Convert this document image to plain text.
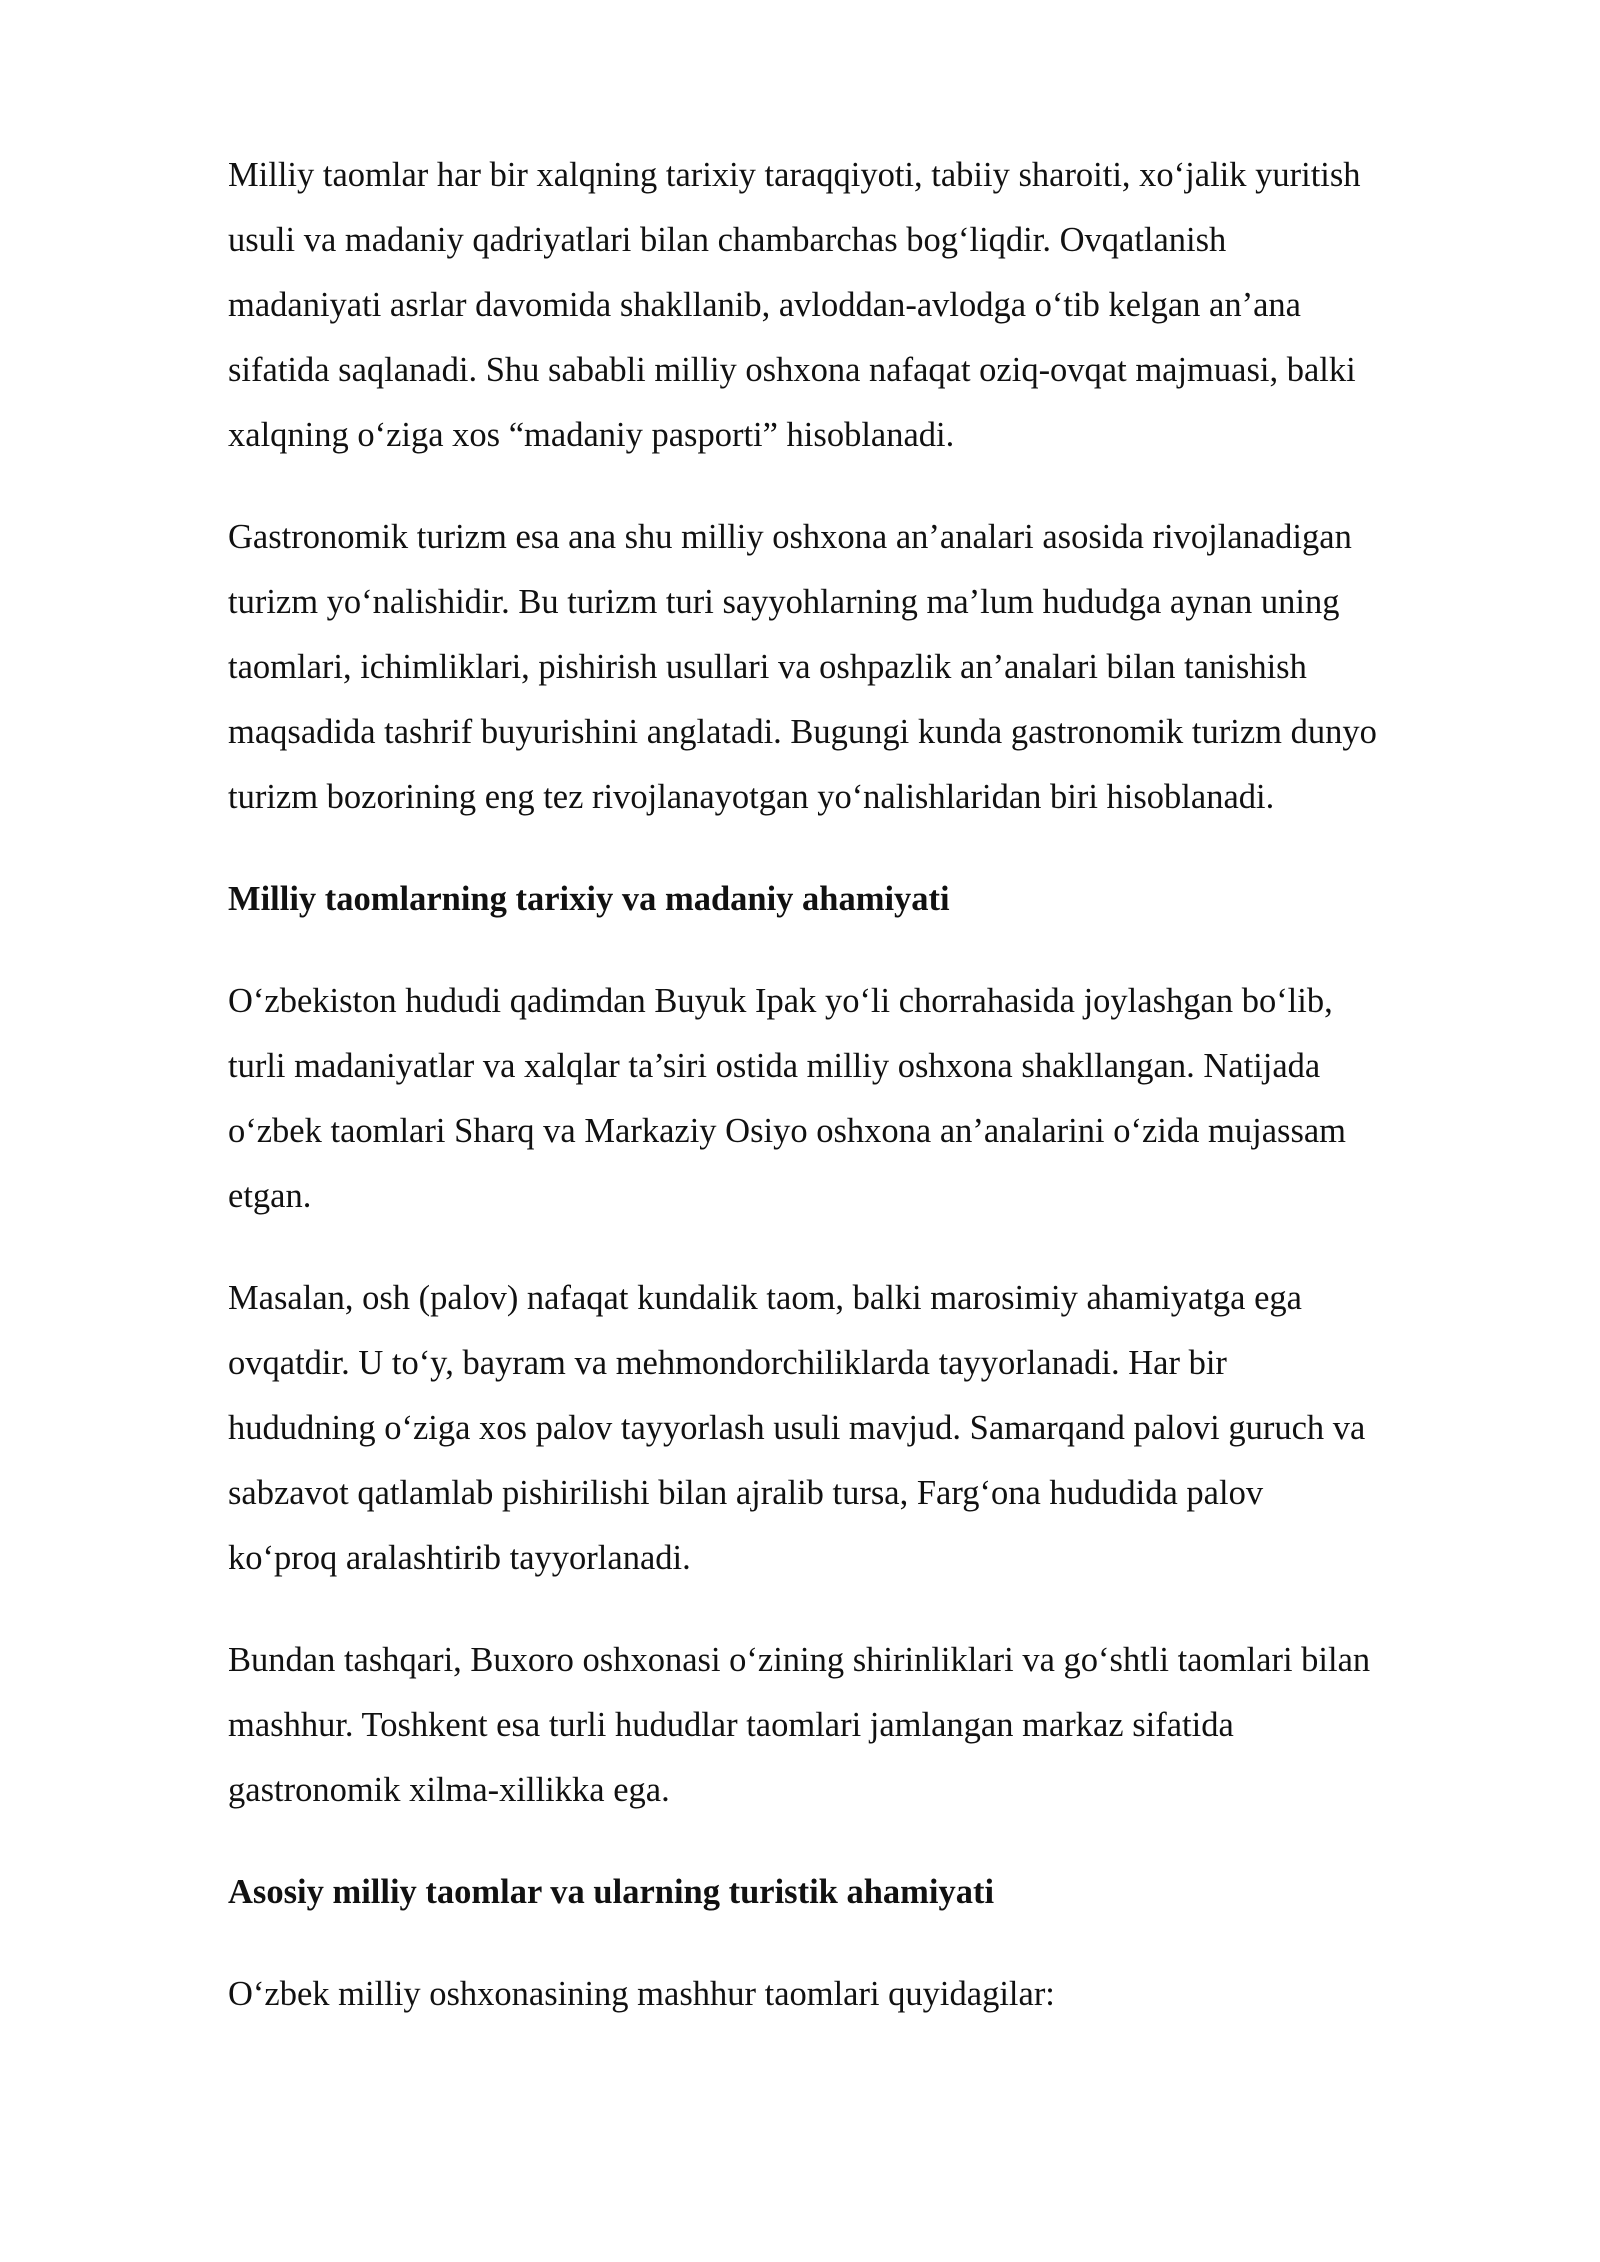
Milliy taomlar har bir xalqning tarixiy taraqqiyoti, tabiiy sharoiti, xo‘jalik yuritish
usuli va madaniy qadriyatlari bilan chambarchas bog‘liqdir. Ovqatlanish
madaniyati asrlar davomida shakllanib, avloddan-avlodga o‘tib kelgan an’ana
sifatida saqlanadi. Shu sababli milliy oshxona nafaqat oziq-ovqat majmuasi, balki
xalqning o‘ziga xos “madaniy pasporti” hisoblanadi.

Gastronomik turizm esa ana shu milliy oshxona an’analari asosida rivojlanadigan
turizm yo‘nalishidir. Bu turizm turi sayyohlarning ma’lum hududga aynan uning
taomlari, ichimliklari, pishirish usullari va oshpazlik an’analari bilan tanishish
maqsadida tashrif buyurishini anglatadi. Bugungi kunda gastronomik turizm dunyo
turizm bozorining eng tez rivojlanayotgan yo‘nalishlaridan biri hisoblanadi.

Milliy taomlarning tarixiy va madaniy ahamiyati

O‘zbekiston hududi qadimdan Buyuk Ipak yo‘li chorrahasida joylashgan bo‘lib,
turli madaniyatlar va xalqlar ta’siri ostida milliy oshxona shakllangan. Natijada
o‘zbek taomlari Sharq va Markaziy Osiyo oshxona an’analarini o‘zida mujassam
etgan.

Masalan, osh (palov) nafaqat kundalik taom, balki marosimiy ahamiyatga ega
ovqatdir. U to‘y, bayram va mehmondorchiliklarda tayyorlanadi. Har bir
hududning o‘ziga xos palov tayyorlash usuli mavjud. Samarqand palovi guruch va
sabzavot qatlamlab pishirilishi bilan ajralib tursa, Farg‘ona hududida palov
ko‘proq aralashtirib tayyorlanadi.

Bundan tashqari, Buxoro oshxonasi o‘zining shirinliklari va go‘shtli taomlari bilan
mashhur. Toshkent esa turli hududlar taomlari jamlangan markaz sifatida
gastronomik xilma-xillikka ega.

Asosiy milliy taomlar va ularning turistik ahamiyati

O‘zbek milliy oshxonasining mashhur taomlari quyidagilar:
